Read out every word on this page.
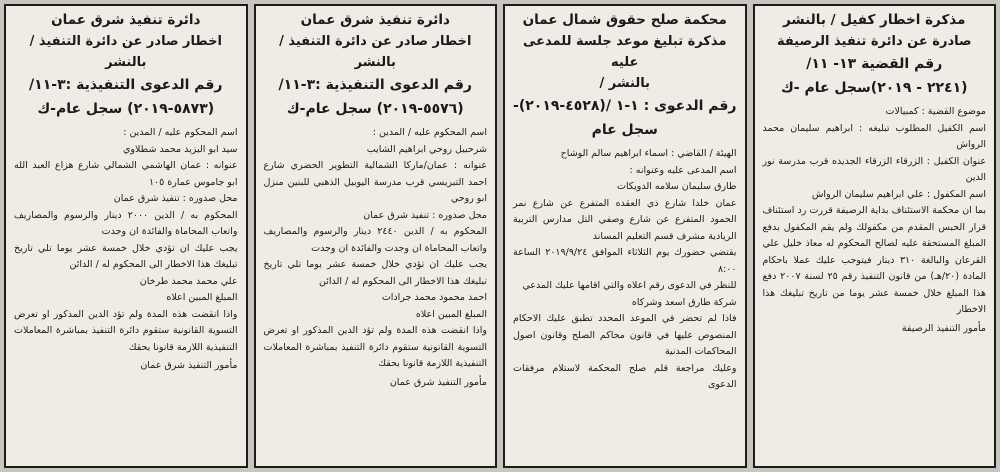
مذكرة اخطار كفيل / بالنشر
صادرة عن دائرة تنفيذ الرصيفة
رقم القضية ١٣- ١١/
(٢٢٤١ - ٢٠١٩)سجل عام -ك

موضوع القضية : كمبيالات

اسم الكفيل المطلوب تبليغه : ابراهيم سليمان محمد الرواش

عنوان الكفيل : الزرقاء الزرقاء الجديده قرب مدرسة نور الدين

اسم المكفول : علي ابراهيم سليمان الرواش

بما ان محكمة الاستئناف بداية الرصيفة قررت رد استئناف قرار الحبس المقدم من مكفولك ولم يقم المكفول بدفع المبلغ المستحقة عليه لصالح المحكوم له معاذ خليل علي القرعان والبالغة ٣١٠ دينار فيتوجب عليك عملا باحكام المادة (٢٠/هـ) من قانون التنفيذ رقم ٢٥ لسنة ٢٠٠٧ دفع هذا المبلغ خلال خمسة عشر يوما من تاريخ تبليغك هذا الاخطار

مأمور التنفيذ الرصيفة
محكمة صلح حقوق شمال عمان
مذكرة تبليغ موعد جلسة للمدعى عليه
بالنشر /
رقم الدعوى : ١-١ /(٤٥٢٨-٢٠١٩)-
سجل عام

الهيئة / القاضي : اسماء ابراهيم سالم الوشاح

اسم المدعى عليه وعنوانه :

طارق سليمان سلامه الدويكات

عمان خلدا شارع ذي العقده المتفرع عن شارع نمر الحمود المتفرع عن شارع وصفي التل مدارس التربية الريادية مشرف قسم التعليم المساند

يقتضي حضورك يوم الثلاثاء الموافق ٢٠١٩/٩/٢٤ الساعة ٨:٠٠

للنظر في الدعوى رقم اعلاه والتي اقامها عليك المدعي

شركة طارق اسعد وشركاه

فاذا لم تحضر في الموعد المحدد تطبق عليك الاحكام المنصوص عليها في قانون محاكم الصلح وقانون اصول المحاكمات المدنية

وعليك مراجعة قلم صلح المحكمة لاستلام مرفقات الدعوى

دائرة تنفيذ شرق عمان
اخطار صادر عن دائرة التنفيذ / بالنشر
رقم الدعوى التنفيذية :٣-١١/
(٥٥٧٦-٢٠١٩) سجل عام-ك

اسم المحكوم عليه / المدين :

شرحبيل روحي ابراهيم الشايب

عنوانه : عمان/ماركا الشمالية التطوير الحضري شارع احمد التبريسي قرب مدرسة اليوبيل الذهبي للبنين منزل ابو روحي

محل صدوره : تنفيذ شرق عمان

المحكوم به / الدين ٢٤٤٠ دينار والرسوم والمصاريف واتعاب المحاماة ان وجدت والفائدة ان وجدت

يجب عليك ان تؤدي خلال خمسة عشر يوما تلي تاريخ تبليغك هذا الاخطار الى المحكوم له / الدائن

احمد محمود محمد جرادات

المبلغ المبين اعلاه

واذا انقضت هذه المدة ولم تؤد الدين المذكور او تعرض التسوية القانونية ستقوم دائرة التنفيذ بمباشرة المعاملات التنفيذية اللازمة قانونا بحقك

مأمور التنفيذ شرق عمان
دائرة تنفيذ شرق عمان
اخطار صادر عن دائرة التنفيذ / بالنشر
رقم الدعوى التنفيذية :٣-١١/
(٥٨٧٣-٢٠١٩) سجل عام-ك

اسم المحكوم عليه / المدين :

سيد ابو اليزيد محمد شطلاوي

عنوانه : عمان الهاشمي الشمالي شارع هزاع العبد الله ابو جاموس عمارة ١٠٥

محل صدوره : تنفيذ شرق عمان

المحكوم به / الدين ٢٠٠٠ دينار والرسوم والمصاريف واتعاب المحاماة والفائدة ان وجدت

يجب عليك ان تؤدي خلال خمسة عشر يوما تلي تاريخ تبليغك هذا الاخطار الى المحكوم له / الدائن

علي محمد محمد طرخان

المبلغ المبين اعلاه

واذا انقضت هذه المدة ولم تؤد الدين المذكور او تعرض التسوية القانونية ستقوم دائرة التنفيذ بمباشرة المعاملات التنفيذية اللازمة قانونا بحقك

مأمور التنفيذ شرق عمان
